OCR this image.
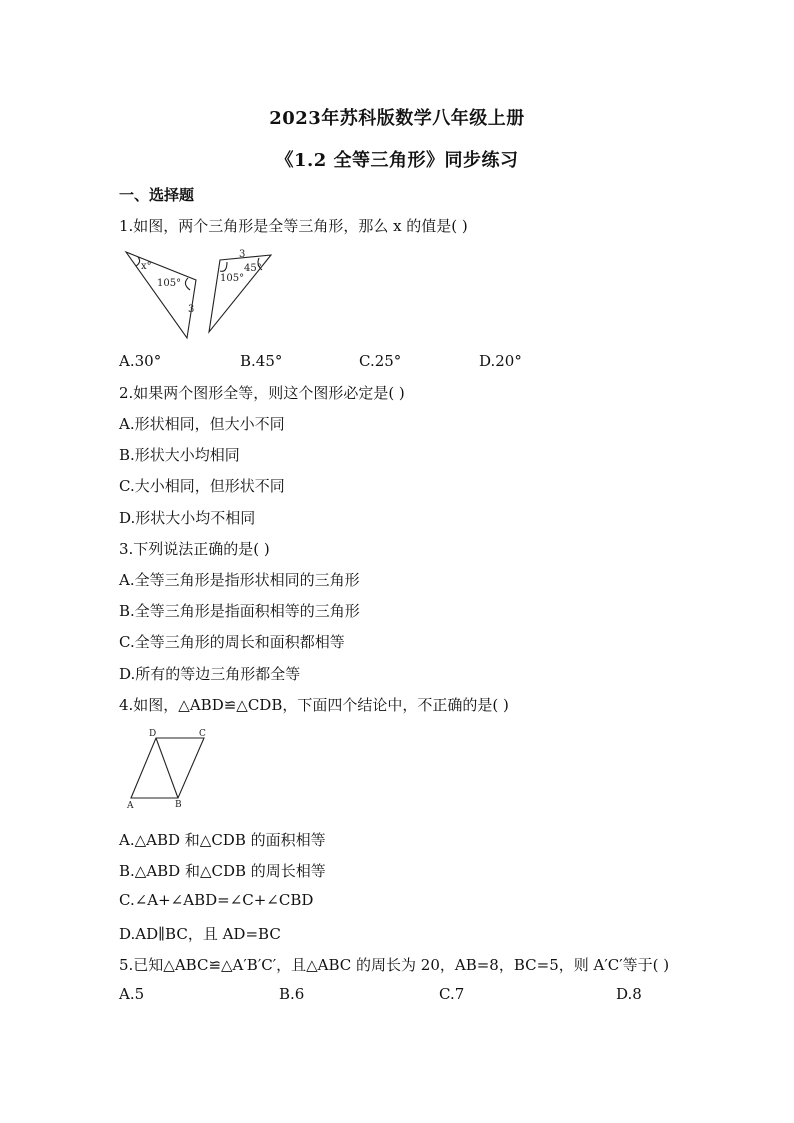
2023年苏科版数学八年级上册
《1.2 全等三角形》同步练习
一、选择题
1.如图，两个三角形是全等三角形，那么 x 的值是( )
x°
105°
3
3
105°
45°
A.30°	B.45°	C.25°	D.20°
2.如果两个图形全等，则这个图形必定是( )
A.形状相同，但大小不同
B.形状大小均相同
C.大小相同，但形状不同
D.形状大小均不相同
3.下列说法正确的是( )
A.全等三角形是指形状相同的三角形
B.全等三角形是指面积相等的三角形
C.全等三角形的周长和面积都相等
D.所有的等边三角形都全等
4.如图，△ABD≌△CDB，下面四个结论中，不正确的是( )
A	B
C
D
A.△ABD 和△CDB 的面积相等
B.△ABD 和△CDB 的周长相等
C.∠A+∠ABD=∠C+∠CBD
D.AD∥BC，且 AD=BC
5.已知△ABC≌△A′B′C′，且△ABC 的周长为 20，AB=8，BC=5，则 A′C′等于( )
A.5	B.6	C.7	D.8
